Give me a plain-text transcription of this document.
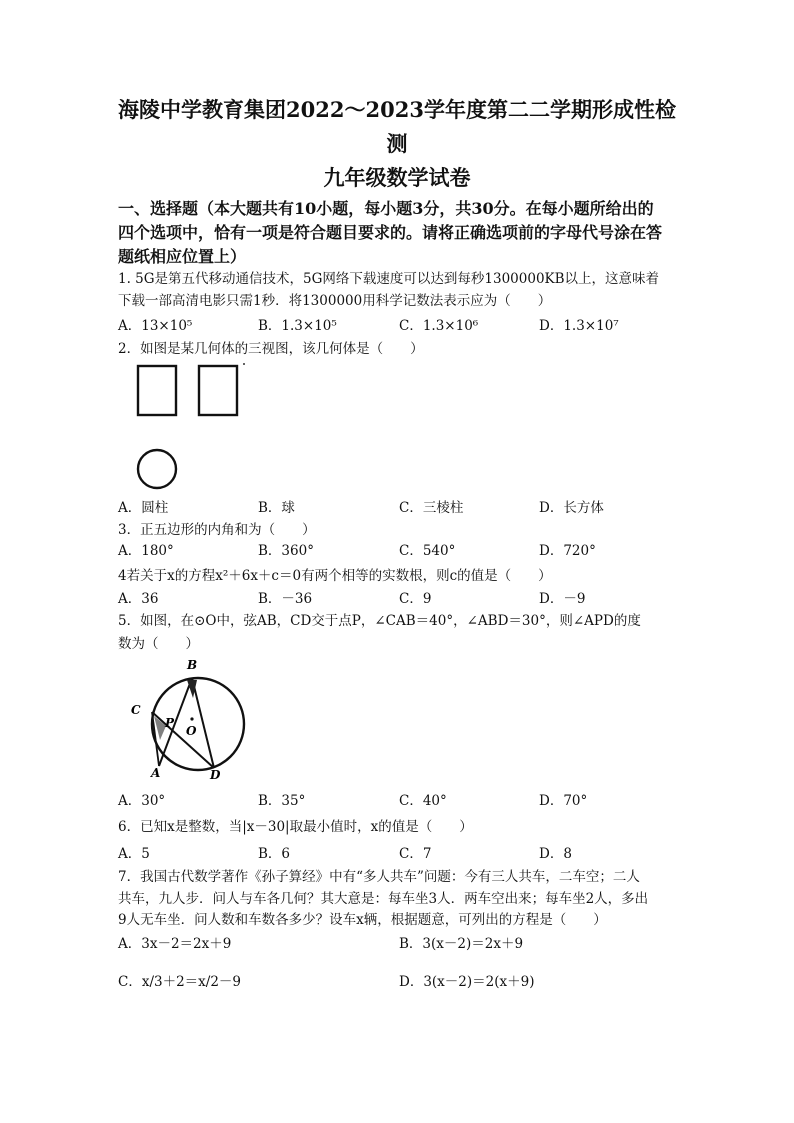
海陵中学教育集团2022～2023学年度第二二学期形成性检
测
九年级数学试卷
一、选择题（本大题共有10小题，每小题3分，共30分。在每小题所给出的
四个选项中，恰有一项是符合题目要求的。请将正确选项前的字母代号涂在答
题纸相应位置上）
1. 5G是第五代移动通信技术，5G网络下载速度可以达到每秒1300000KB以上，这意味着
下载一部高清电影只需1秒．将1300000用科学记数法表示应为（　　）
A．13×10⁵	B．1.3×10⁵	C．1.3×10⁶	D．1.3×10⁷
2．如图是某几何体的三视图，该几何体是（　　）
A．圆柱	B．球	C．三棱柱	D．长方体
3．正五边形的内角和为（　　）
A．180°	B．360°	C．540°	D．720°
4若关于x的方程x²＋6x＋c＝0有两个相等的实数根，则c的值是（　　）
A．36	B．－36	C．9	D．－9
5．如图，在⊙O中，弦AB，CD交于点P，∠CAB＝40°，∠ABD＝30°，则∠APD的度
数为（　　）
B
C
P
O
A	D
A．30°	B．35°	C．40°	D．70°
6．已知x是整数，当|x－30|取最小值时，x的值是（　　）
A．5	B．6	C．7	D．8
7．我国古代数学著作《孙子算经》中有“多人共车”问题：今有三人共车，二车空；二人
共车，九人步．问人与车各几何？其大意是：每车坐3人．两车空出来；每车坐2人，多出
9人无车坐．问人数和车数各多少？设车x辆，根据题意，可列出的方程是（　　）
A．3x－2＝2x＋9	B．3(x－2)＝2x＋9
C．x/3＋2＝x/2－9	D．3(x－2)＝2(x＋9)
